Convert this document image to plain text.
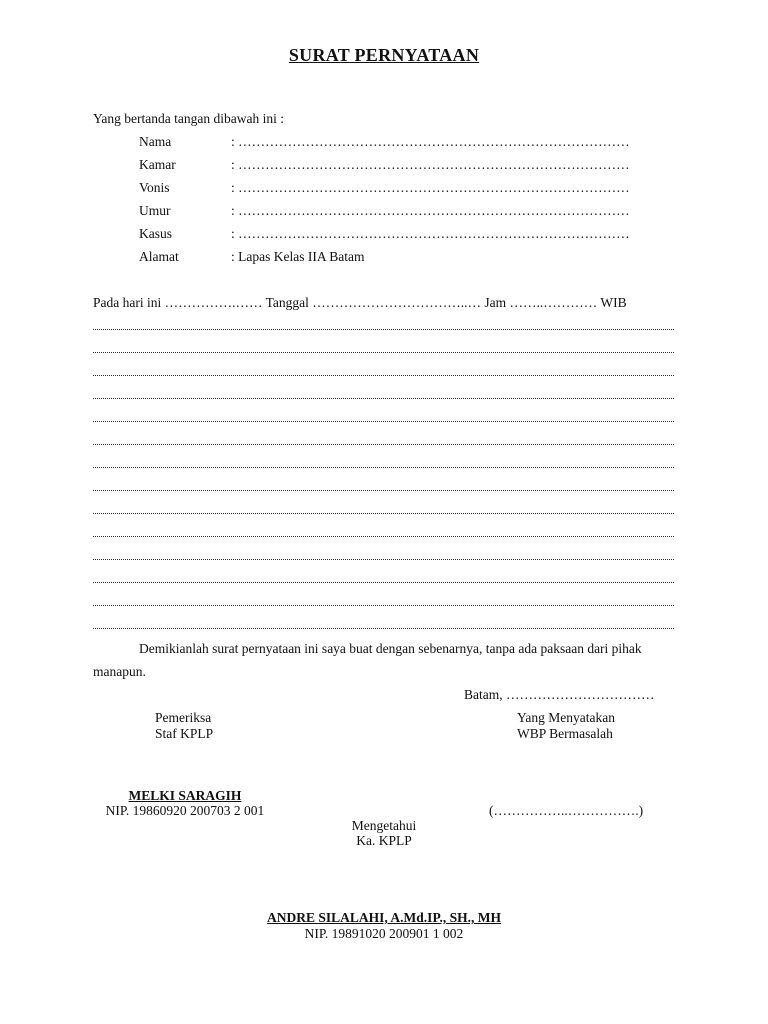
SURAT PERNYATAAN
Yang bertanda tangan dibawah ini :
Nama	: ……………………………………………………………………………
Kamar	: ……………………………………………………………………………
Vonis	: ……………………………………………………………………………
Umur	: ……………………………………………………………………………
Kasus	: ……………………………………………………………………………
Alamat	: Lapas Kelas IIA Batam
Pada hari ini …………….…… Tanggal ……………………………..… Jam ……..………… WIB
Demikianlah surat pernyataan ini saya buat dengan sebenarnya, tanpa ada paksaan dari pihak
manapun.
Batam, ……………………………
Pemeriksa
Staf KPLP
Yang Menyatakan
WBP Bermasalah
MELKI SARAGIH
NIP. 19860920 200703 2 001	(……………..…………….)
Mengetahui
Ka. KPLP
ANDRE SILALAHI, A.Md.IP., SH., MH
NIP. 19891020 200901 1 002
